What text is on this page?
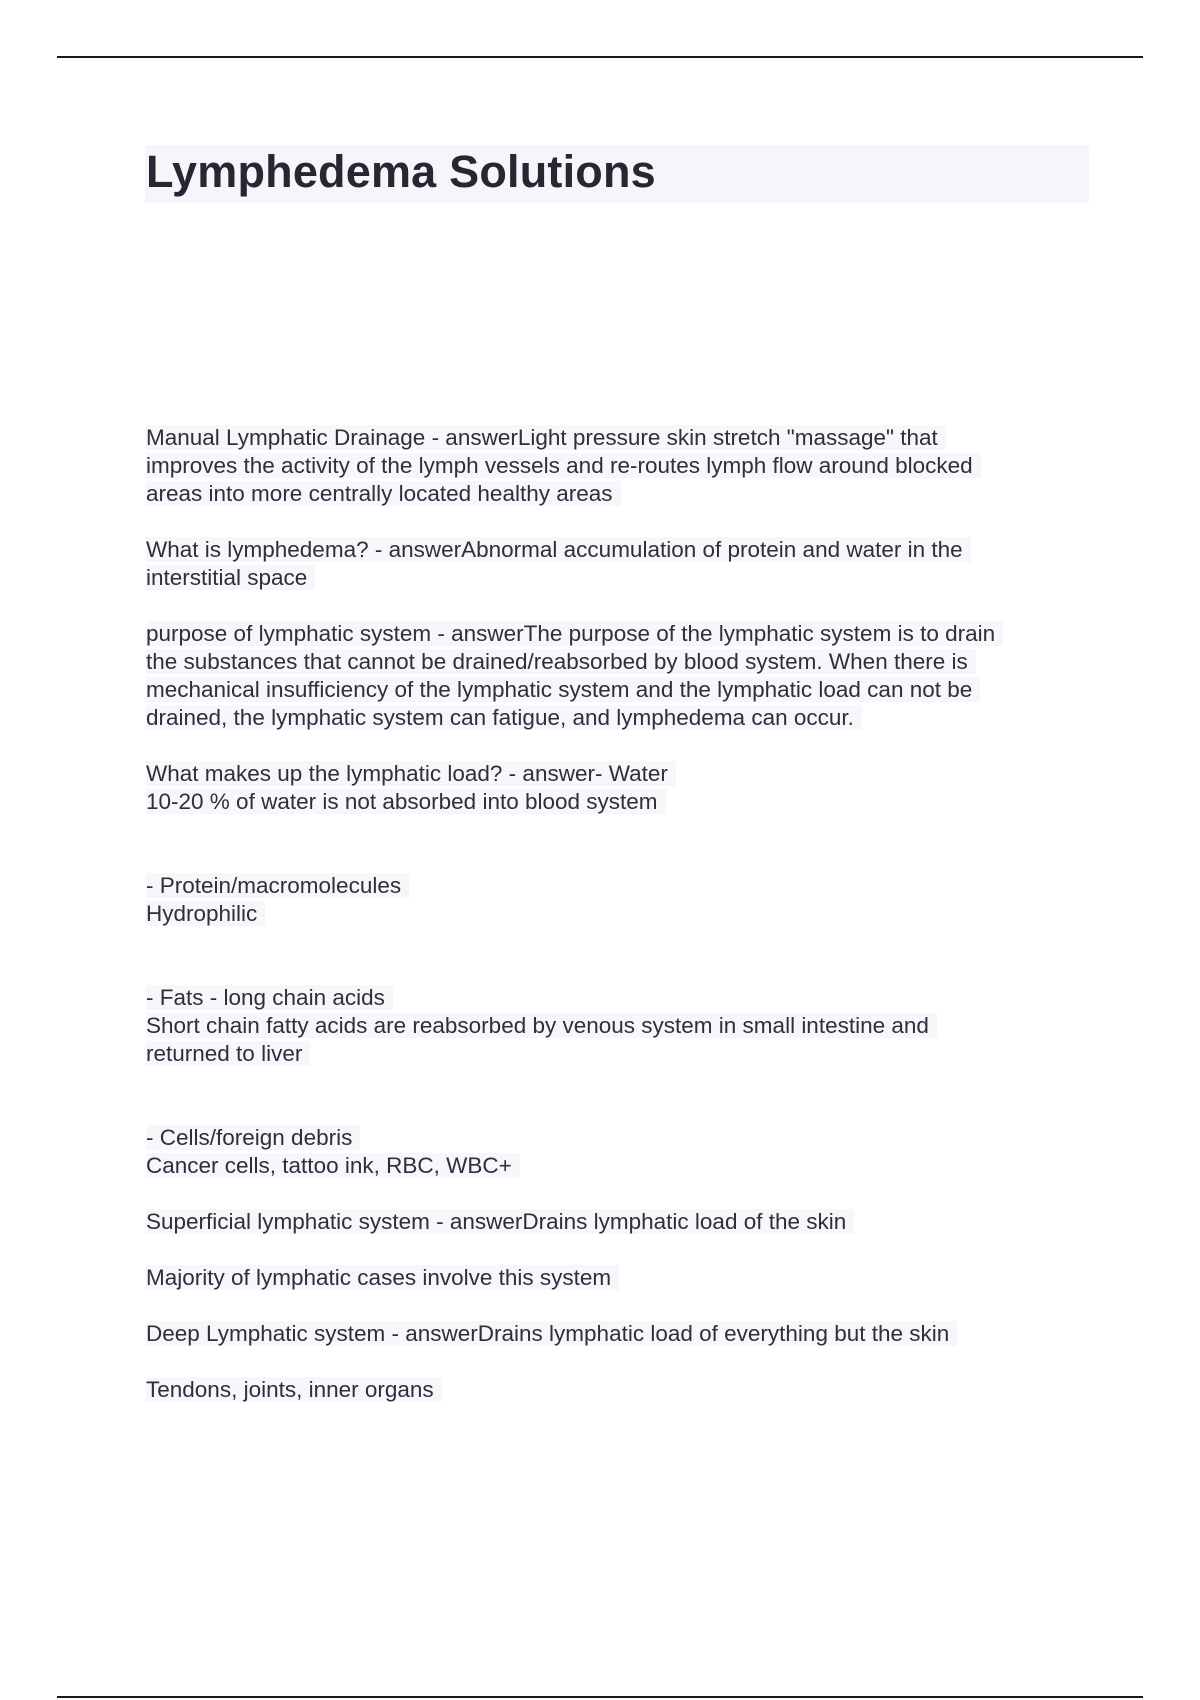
Lymphedema Solutions
Manual Lymphatic Drainage - answerLight pressure skin stretch "massage" that
improves the activity of the lymph vessels and re-routes lymph flow around blocked
areas into more centrally located healthy areas
What is lymphedema? - answerAbnormal accumulation of protein and water in the
interstitial space
purpose of lymphatic system - answerThe purpose of the lymphatic system is to drain
the substances that cannot be drained/reabsorbed by blood system. When there is
mechanical insufficiency of the lymphatic system and the lymphatic load can not be
drained, the lymphatic system can fatigue, and lymphedema can occur.
What makes up the lymphatic load? - answer- Water
10-20 % of water is not absorbed into blood system
- Protein/macromolecules
Hydrophilic
- Fats - long chain acids
Short chain fatty acids are reabsorbed by venous system in small intestine and
returned to liver
- Cells/foreign debris
Cancer cells, tattoo ink, RBC, WBC+
Superficial lymphatic system - answerDrains lymphatic load of the skin
Majority of lymphatic cases involve this system
Deep Lymphatic system - answerDrains lymphatic load of everything but the skin
Tendons, joints, inner organs
